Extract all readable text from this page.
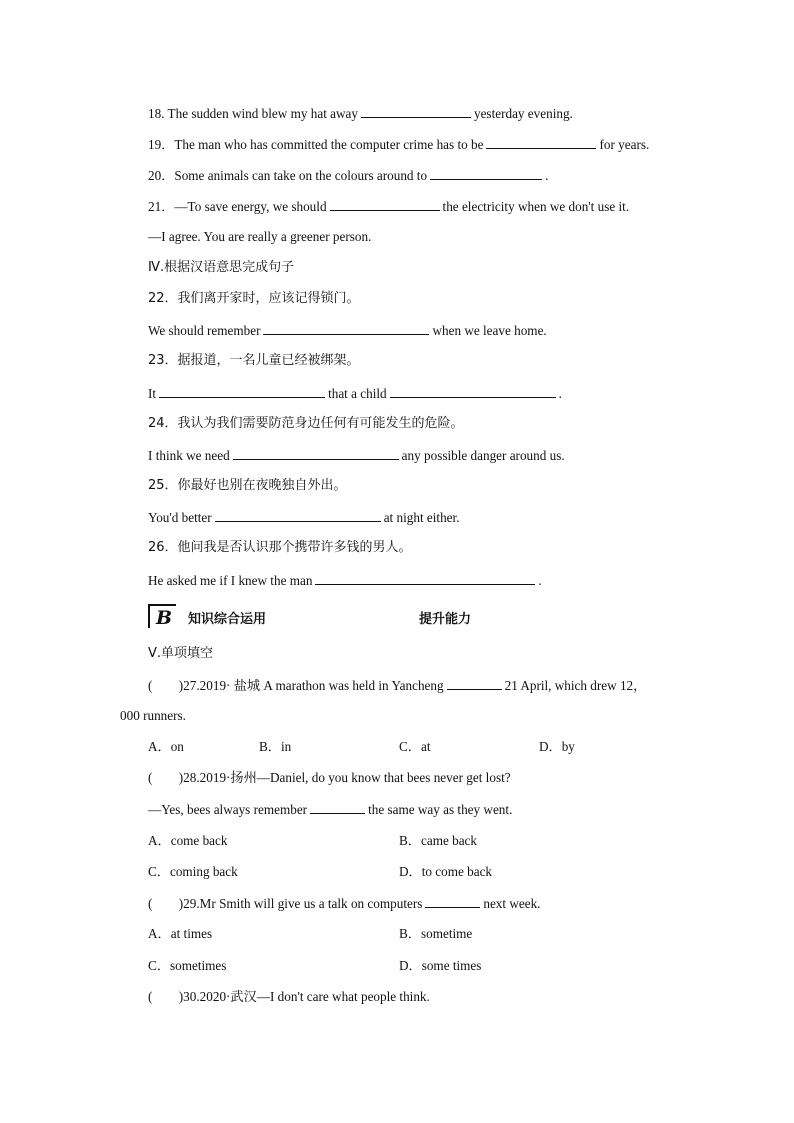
18. The sudden wind blew my hat away	yesterday evening.
19．The man who has committed the computer crime has to be	for years.
20．Some animals can take on the colours around to	.
21．—To save energy, we should	the electricity when we don't use it.
—I agree. You are really a greener person.
Ⅳ.根据汉语意思完成句子
22．我们离开家时，应该记得锁门。
We should remember	when we leave home.
23．据报道，一名儿童已经被绑架。
It	that a child	.
24．我认为我们需要防范身边任何有可能发生的危险。
I think we need	any possible danger around us.
25．你最好也别在夜晚独自外出。
You'd better	at night either.
26．他问我是否认识那个携带许多钱的男人。
He asked me if I knew the man	.
B 知识综合运用	提升能力
Ⅴ.单项填空
(　　)27.2019· 盐城 A marathon was held in Yancheng	21 April, which drew 12，
000 runners.
A．on	B．in	C．at	D．by
(　　)28.2019·扬州—Daniel, do you know that bees never get lost?
—Yes, bees always remember	the same way as they went.
A．come back	B．came back
C．coming back	D．to come back
(　　)29.Mr Smith will give us a talk on computers	next week.
A．at times	B．sometime
C．sometimes	D．some times
(　　)30.2020·武汉—I don't care what people think.
